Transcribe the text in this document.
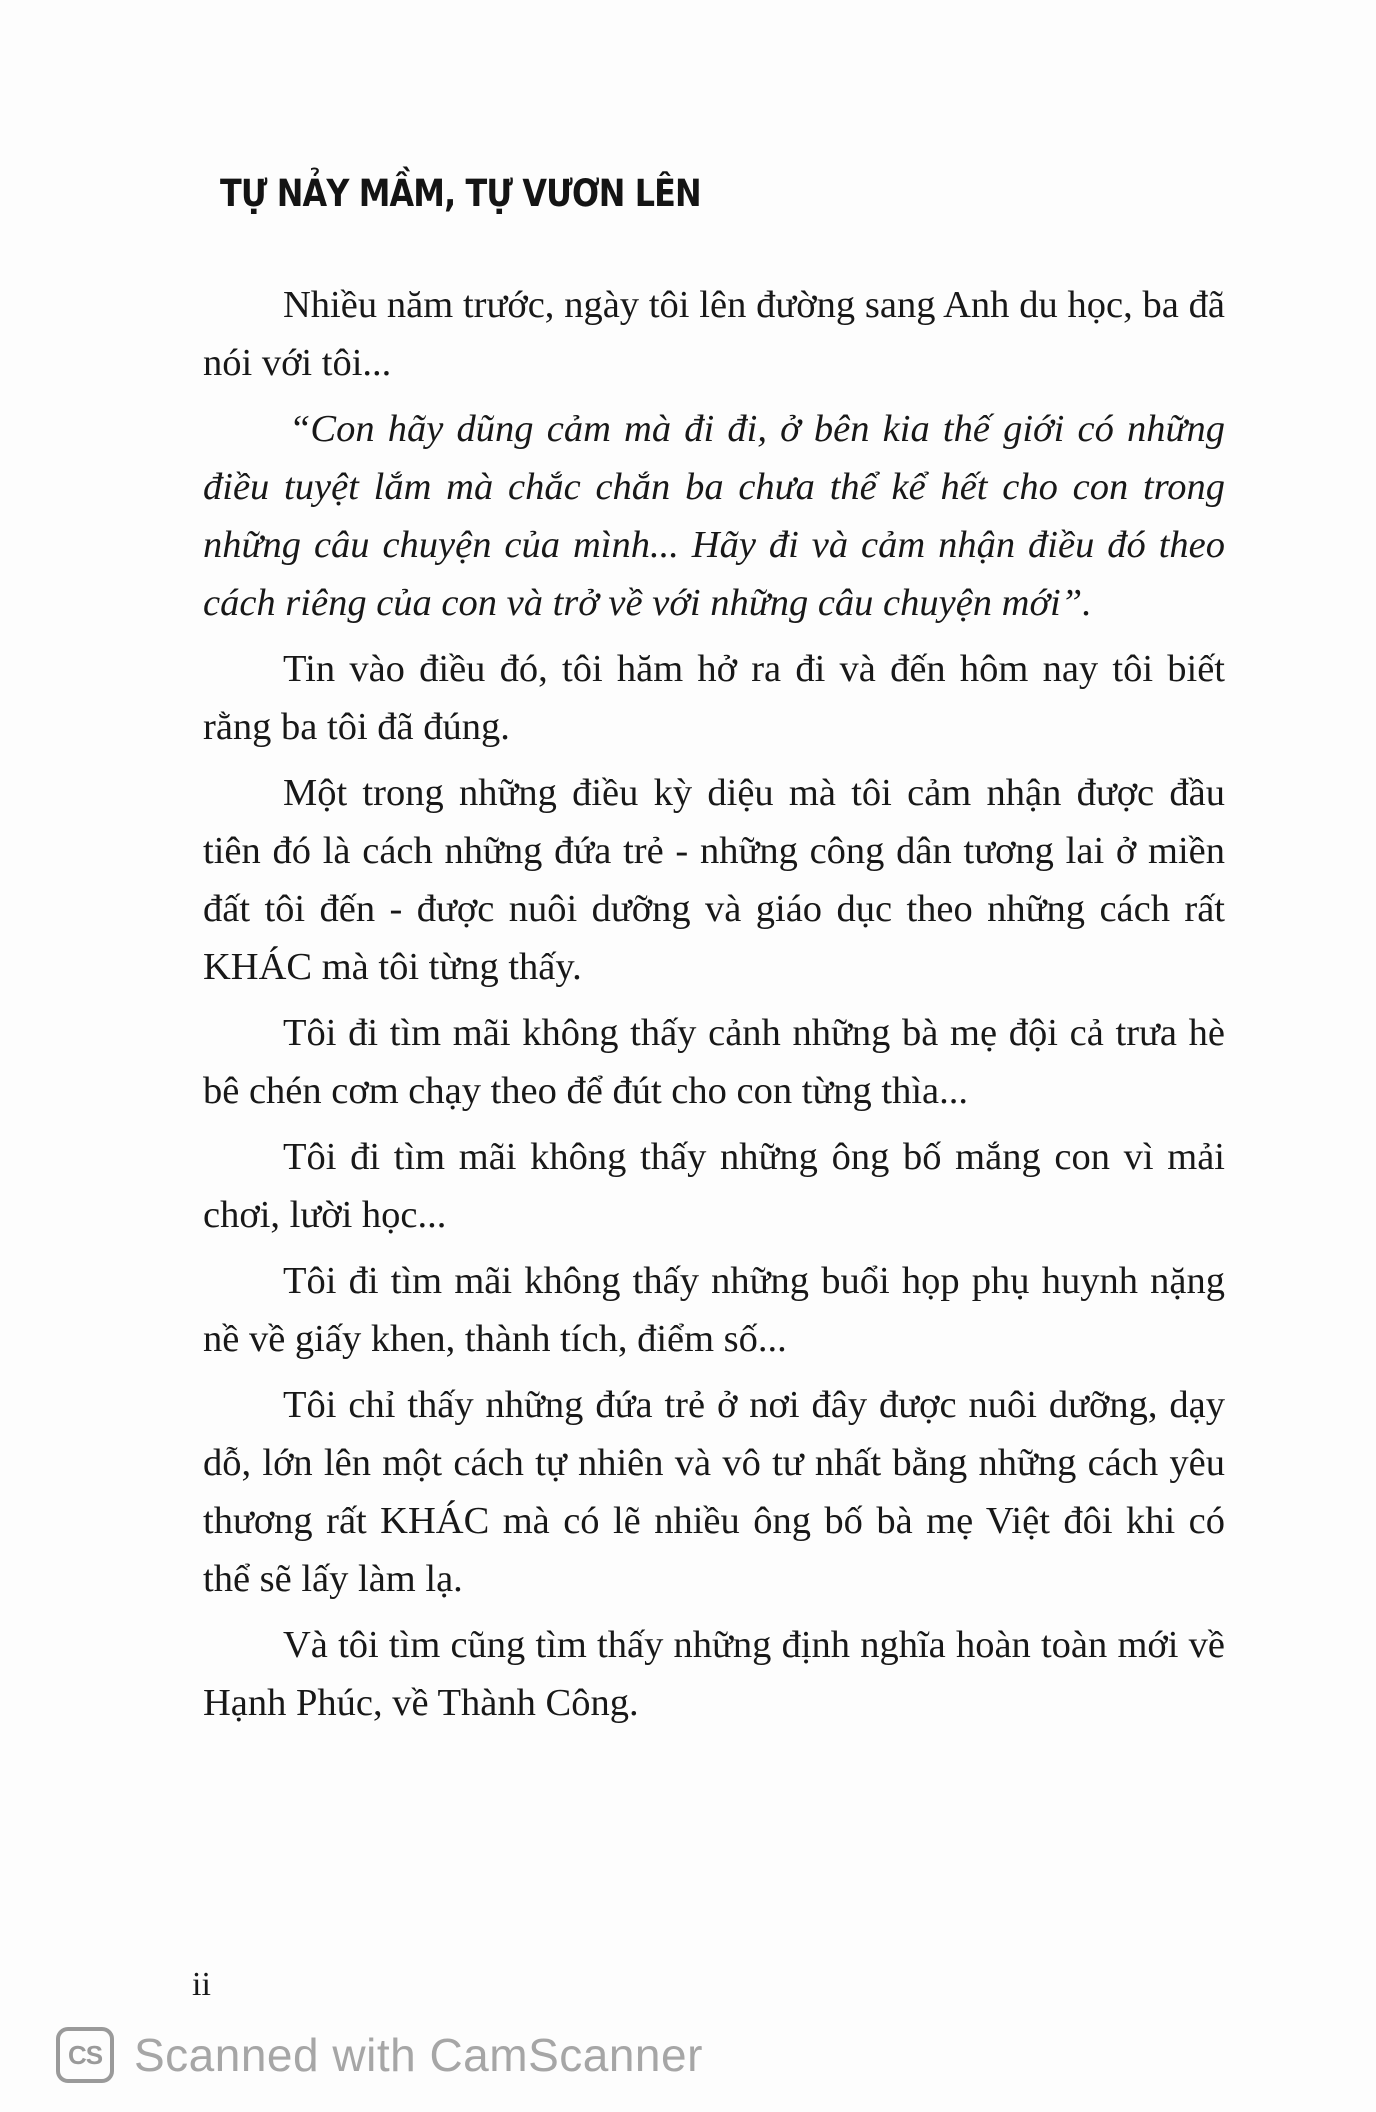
TỰ NẢY MẦM, TỰ VƯƠN LÊN

Nhiều năm trước, ngày tôi lên đường sang Anh du học, ba đã nói với tôi...

“Con hãy dũng cảm mà đi đi, ở bên kia thế giới có những điều tuyệt lắm mà chắc chắn ba chưa thể kể hết cho con trong những câu chuyện của mình... Hãy đi và cảm nhận điều đó theo cách riêng của con và trở về với những câu chuyện mới”.

Tin vào điều đó, tôi hăm hở ra đi và đến hôm nay tôi biết rằng ba tôi đã đúng.

Một trong những điều kỳ diệu mà tôi cảm nhận được đầu tiên đó là cách những đứa trẻ - những công dân tương lai ở miền đất tôi đến - được nuôi dưỡng và giáo dục theo những cách rất KHÁC mà tôi từng thấy.

Tôi đi tìm mãi không thấy cảnh những bà mẹ đội cả trưa hè bê chén cơm chạy theo để đút cho con từng thìa...

Tôi đi tìm mãi không thấy những ông bố mắng con vì mải chơi, lười học...

Tôi đi tìm mãi không thấy những buổi họp phụ huynh nặng nề về giấy khen, thành tích, điểm số...

Tôi chỉ thấy những đứa trẻ ở nơi đây được nuôi dưỡng, dạy dỗ, lớn lên một cách tự nhiên và vô tư nhất bằng những cách yêu thương rất KHÁC mà có lẽ nhiều ông bố bà mẹ Việt đôi khi có thể sẽ lấy làm lạ.

Và tôi tìm cũng tìm thấy những định nghĩa hoàn toàn mới về Hạnh Phúc, về Thành Công.

ii
CS Scanned with CamScanner
